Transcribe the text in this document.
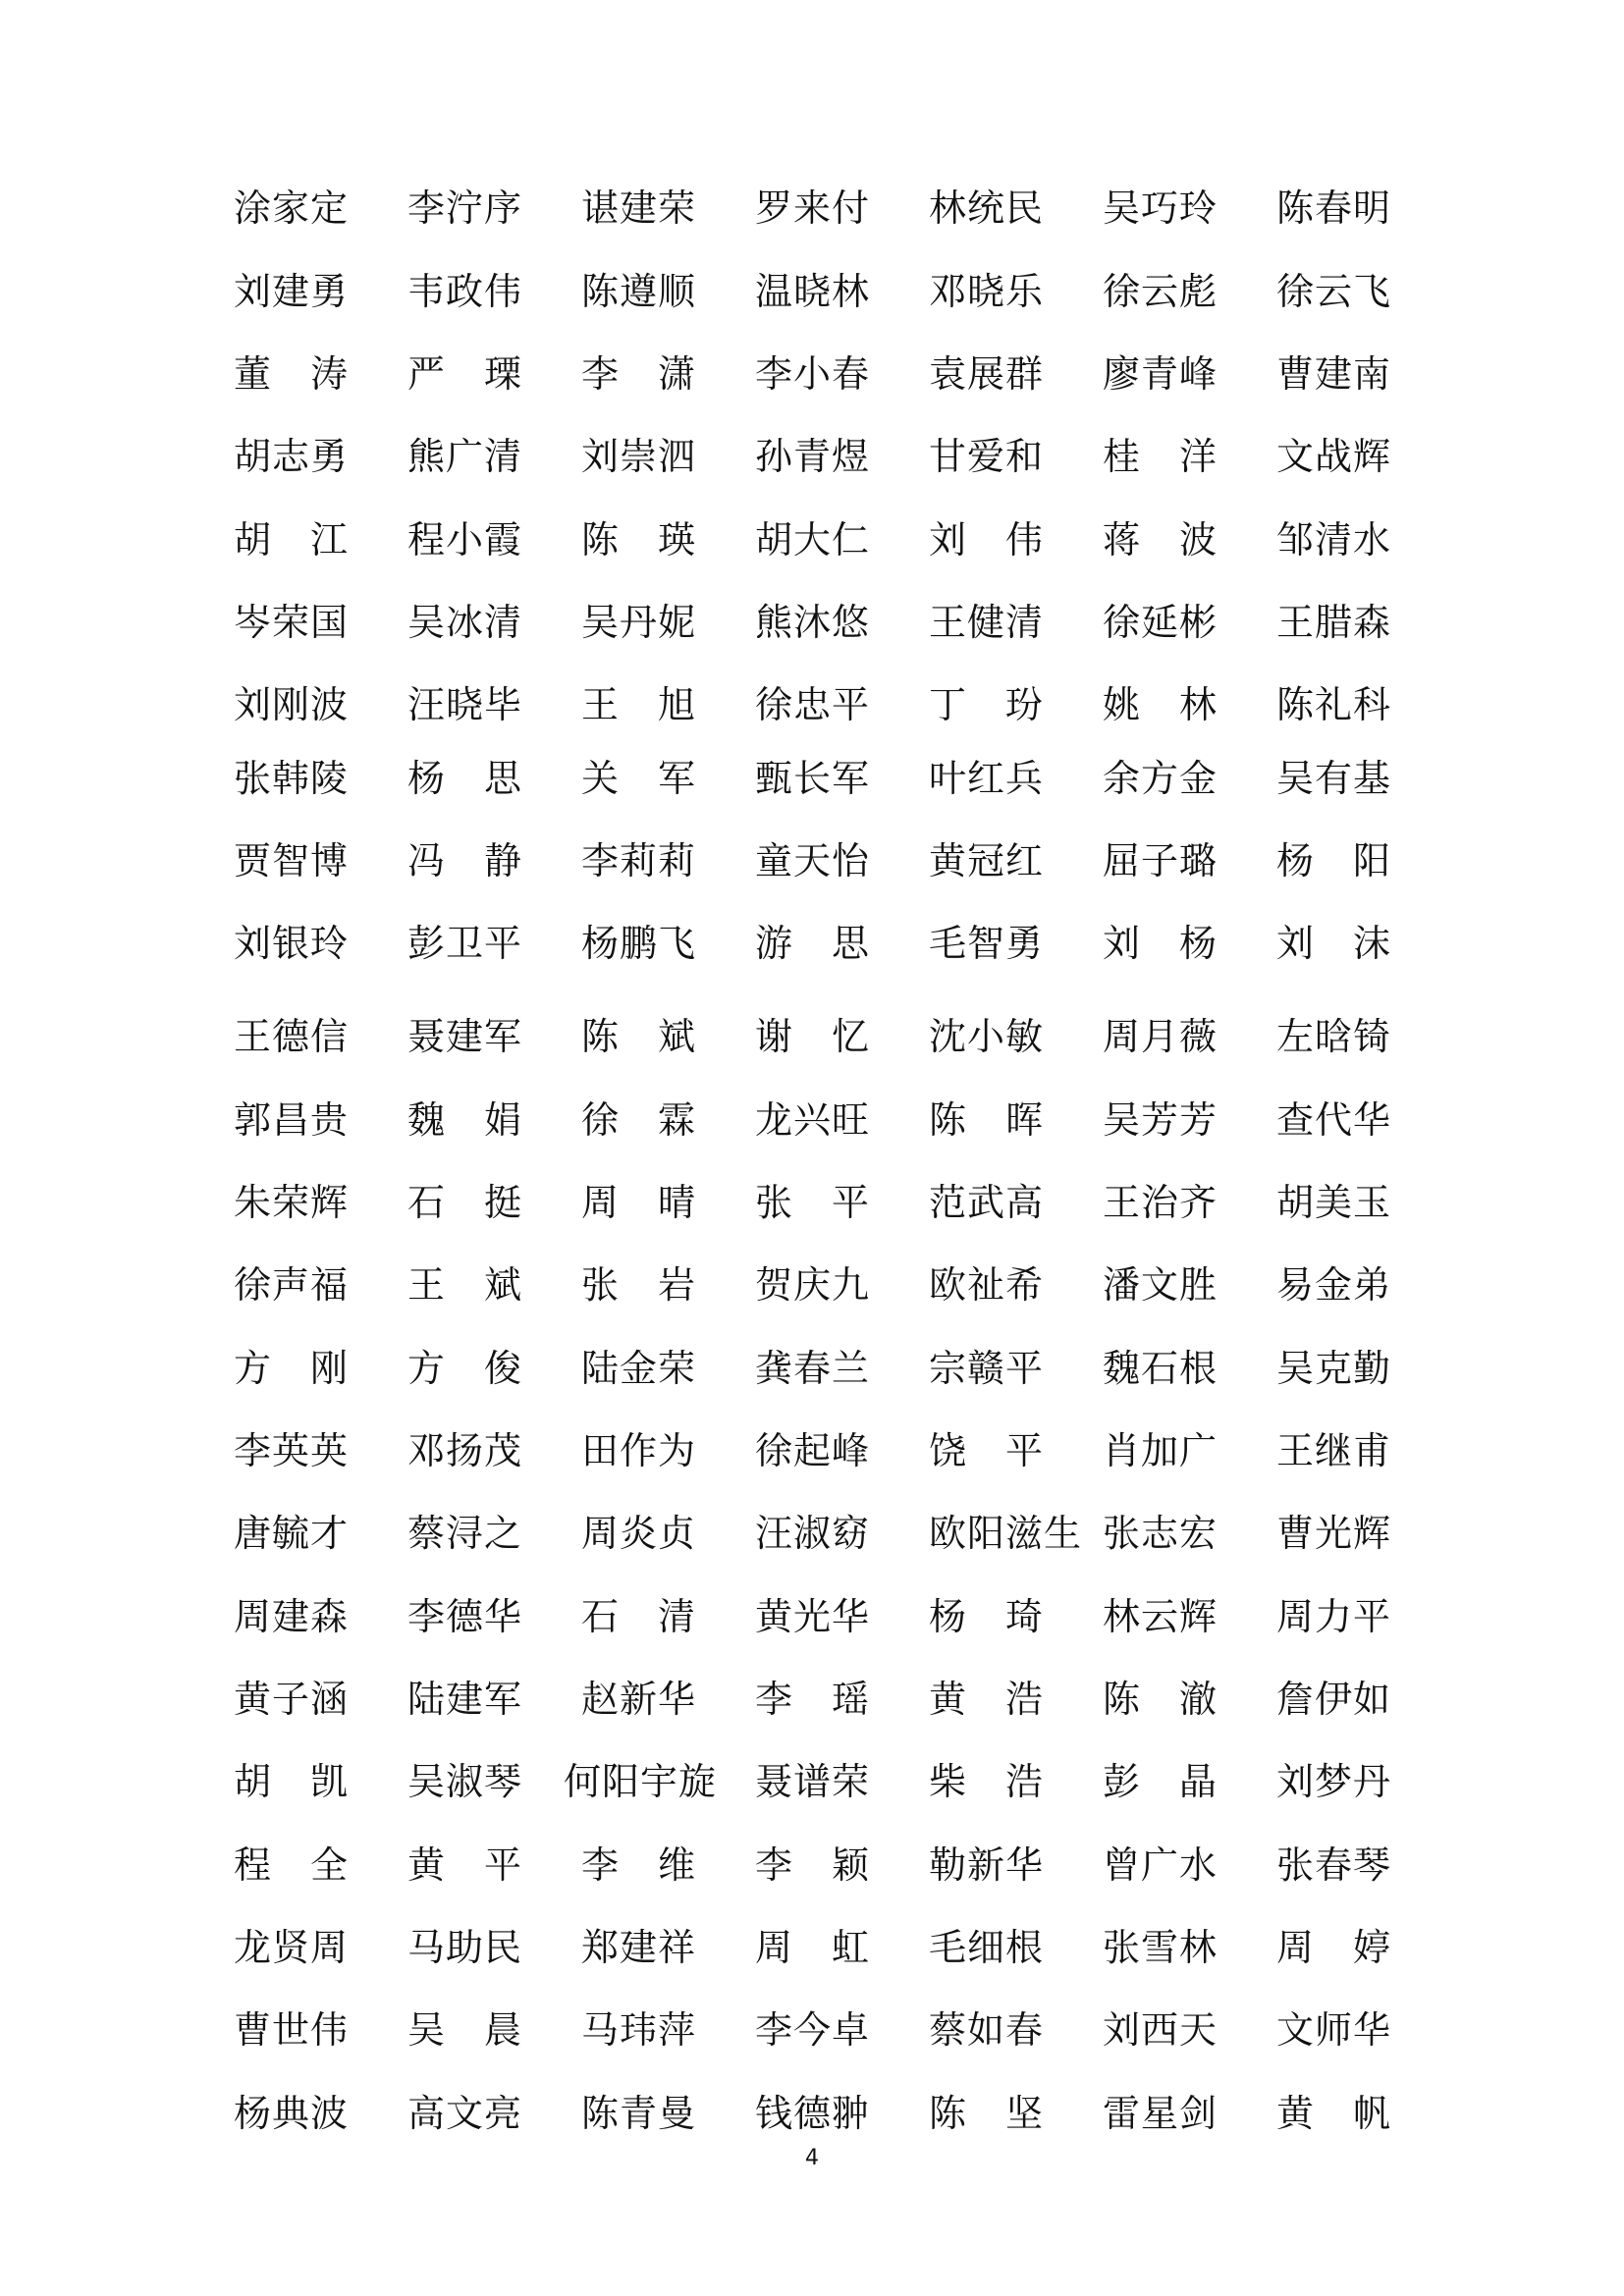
涂家定 李泞序 谌建荣 罗来付 林统民 吴巧玲 陈春明
刘建勇 韦政伟 陈遵顺 温晓林 邓晓乐 徐云彪 徐云飞
董　涛 严　瑮 李　潇 李小春 袁展群 廖青峰 曹建南
胡志勇 熊广清 刘崇泗 孙青煜 甘爱和 桂　洋 文战辉
胡　江 程小霞 陈　瑛 胡大仁 刘　伟 蒋　波 邹清水
岑荣国 吴冰清 吴丹妮 熊沐悠 王健清 徐延彬 王腊森
刘刚波 汪晓毕 王　旭 徐忠平 丁　玢 姚　林 陈礼科
张韩陵 杨　思 关　军 甄长军 叶红兵 余方金 吴有基
贾智博 冯　静 李莉莉 童天怡 黄冠红 屈子璐 杨　阳
刘银玲 彭卫平 杨鹏飞 游　思 毛智勇 刘　杨 刘　沫
王德信 聂建军 陈　斌 谢　忆 沈小敏 周月薇 左晗锜
郭昌贵 魏　娟 徐　霖 龙兴旺 陈　晖 吴芳芳 查代华
朱荣辉 石　挺 周　晴 张　平 范武高 王治齐 胡美玉
徐声福 王　斌 张　岩 贺庆九 欧祉希 潘文胜 易金弟
方　刚 方　俊 陆金荣 龚春兰 宗赣平 魏石根 吴克勤
李英英 邓扬茂 田作为 徐起峰 饶　平 肖加广 王继甫
唐毓才 蔡浔之 周炎贞 汪淑窈 欧阳滋生 张志宏 曹光辉
周建森 李德华 石　清 黄光华 杨　琦 林云辉 周力平
黄子涵 陆建军 赵新华 李　瑶 黄　浩 陈　澈 詹伊如
胡　凯 吴淑琴 何阳宇旋 聂谱荣 柴　浩 彭　晶 刘梦丹
程　全 黄　平 李　维 李　颖 勒新华 曾广水 张春琴
龙贤周 马助民 郑建祥 周　虹 毛细根 张雪林 周　婷
曹世伟 吴　晨 马玮萍 李今卓 蔡如春 刘西天 文师华
杨典波 高文亮 陈青曼 钱德翀 陈　坚 雷星剑 黄　帆
4
